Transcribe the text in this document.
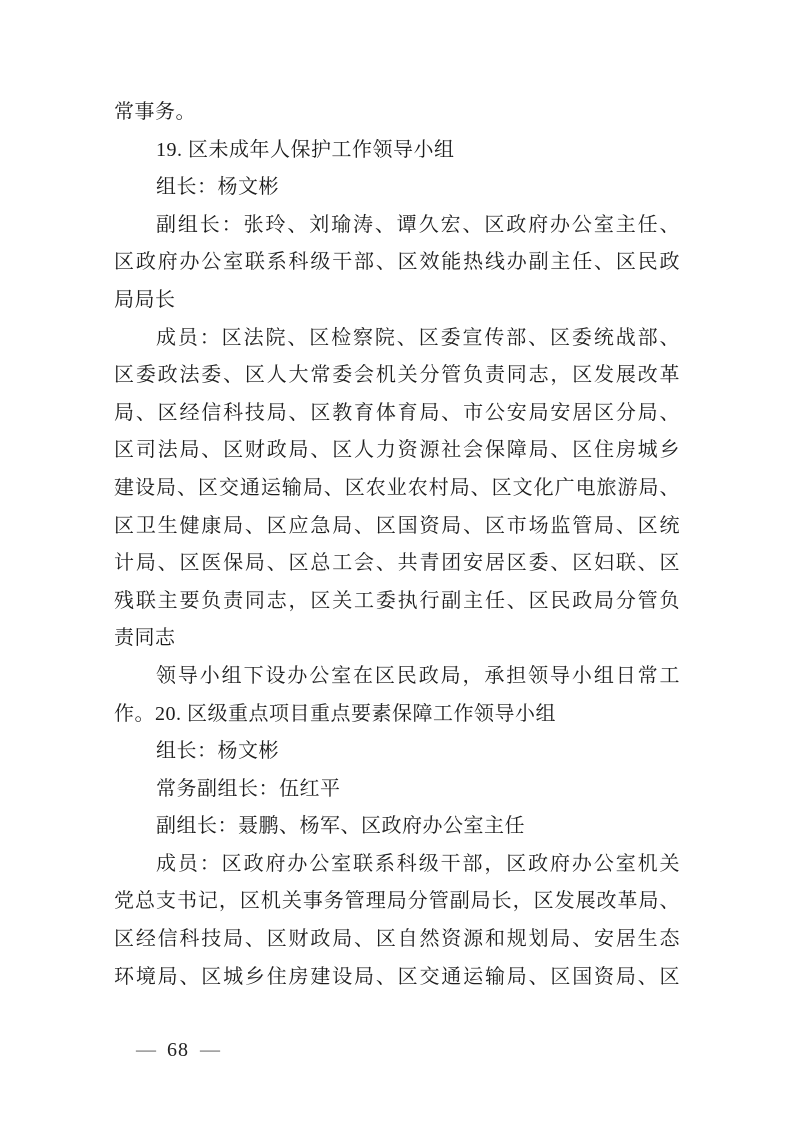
常事务。
19. 区未成年人保护工作领导小组
组长：杨文彬
副组长：张玲、刘瑜涛、谭久宏、区政府办公室主任、
区政府办公室联系科级干部、区效能热线办副主任、区民政
局局长
成员：区法院、区检察院、区委宣传部、区委统战部、
区委政法委、区人大常委会机关分管负责同志，区发展改革
局、区经信科技局、区教育体育局、市公安局安居区分局、
区司法局、区财政局、区人力资源社会保障局、区住房城乡
建设局、区交通运输局、区农业农村局、区文化广电旅游局、
区卫生健康局、区应急局、区国资局、区市场监管局、区统
计局、区医保局、区总工会、共青团安居区委、区妇联、区
残联主要负责同志，区关工委执行副主任、区民政局分管负
责同志
领导小组下设办公室在区民政局，承担领导小组日常工
作。20. 区级重点项目重点要素保障工作领导小组
组长：杨文彬
常务副组长：伍红平
副组长：聂鹏、杨军、区政府办公室主任
成员：区政府办公室联系科级干部，区政府办公室机关
党总支书记，区机关事务管理局分管副局长，区发展改革局、
区经信科技局、区财政局、区自然资源和规划局、安居生态
环境局、区城乡住房建设局、区交通运输局、区国资局、区
— 68 —
